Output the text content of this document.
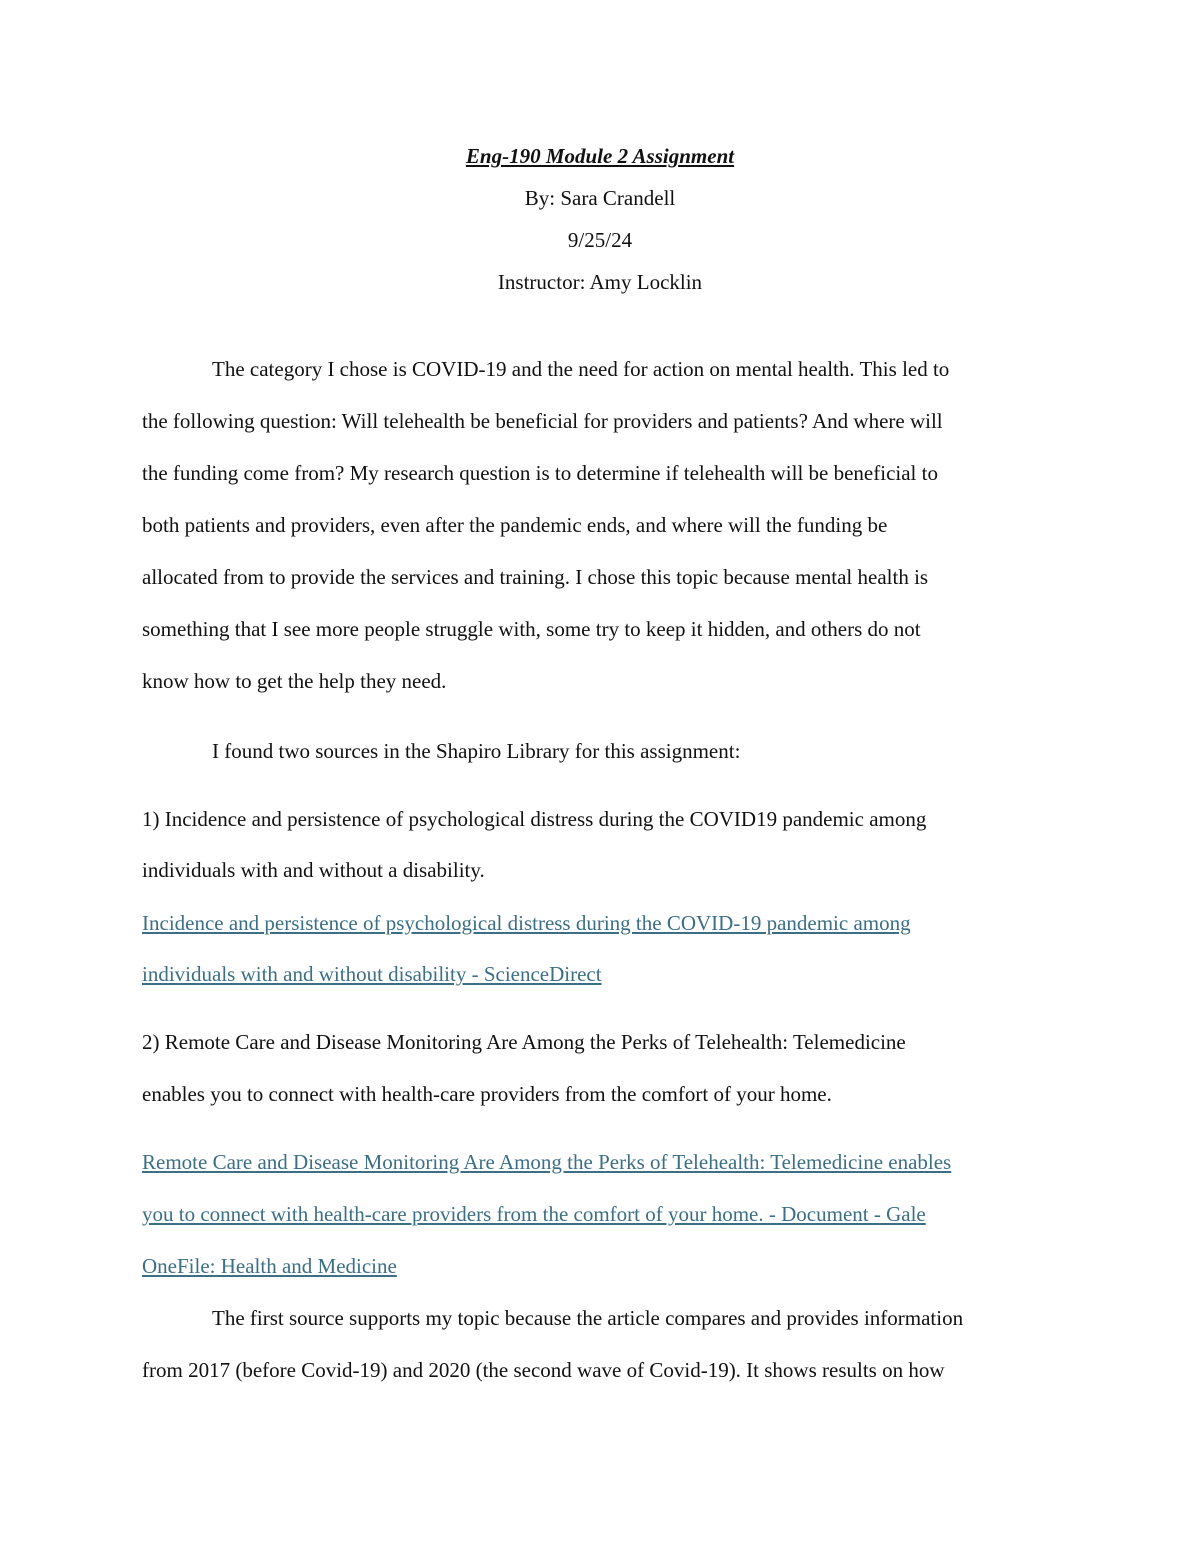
Eng-190 Module 2 Assignment
By: Sara Crandell
9/25/24
Instructor: Amy Locklin
The category I chose is COVID-19 and the need for action on mental health. This led to
the following question: Will telehealth be beneficial for providers and patients? And where will
the funding come from? My research question is to determine if telehealth will be beneficial to
both patients and providers, even after the pandemic ends, and where will the funding be
allocated from to provide the services and training. I chose this topic because mental health is
something that I see more people struggle with, some try to keep it hidden, and others do not
know how to get the help they need.
I found two sources in the Shapiro Library for this assignment:
1) Incidence and persistence of psychological distress during the COVID19 pandemic among
individuals with and without a disability.
Incidence and persistence of psychological distress during the COVID-19 pandemic among
individuals with and without disability - ScienceDirect
2) Remote Care and Disease Monitoring Are Among the Perks of Telehealth: Telemedicine
enables you to connect with health-care providers from the comfort of your home.
Remote Care and Disease Monitoring Are Among the Perks of Telehealth: Telemedicine enables
you to connect with health-care providers from the comfort of your home. - Document - Gale
OneFile: Health and Medicine
The first source supports my topic because the article compares and provides information
from 2017 (before Covid-19) and 2020 (the second wave of Covid-19). It shows results on how
